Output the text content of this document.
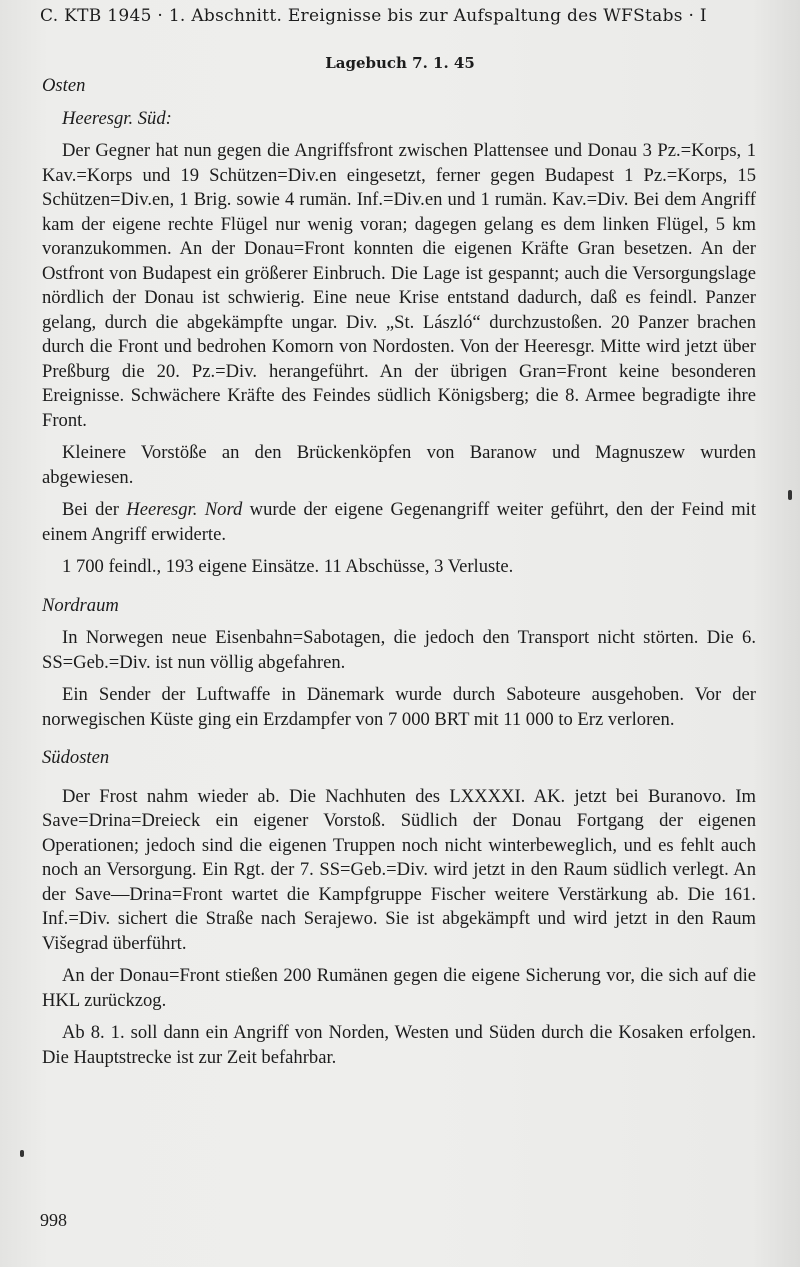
C. KTB 1945 · 1. Abschnitt. Ereignisse bis zur Aufspaltung des WFStabs · I
Lagebuch 7. 1. 45

Osten

Heeresgr. Süd:

Der Gegner hat nun gegen die Angriffsfront zwischen Plattensee und Donau 3 Pz.=Korps, 1 Kav.=Korps und 19 Schützen=Div.en eingesetzt, ferner gegen Budapest 1 Pz.=Korps, 15 Schützen=Div.en, 1 Brig. sowie 4 rumän. Inf.=Div.en und 1 rumän. Kav.=Div. Bei dem Angriff kam der eigene rechte Flügel nur wenig voran; dagegen gelang es dem linken Flügel, 5 km voranzukommen. An der Donau=Front konnten die eigenen Kräfte Gran besetzen. An der Ostfront von Budapest ein größerer Einbruch. Die Lage ist gespannt; auch die Versorgungslage nördlich der Donau ist schwierig. Eine neue Krise entstand dadurch, daß es feindl. Panzer gelang, durch die abgekämpfte ungar. Div. „St. László“ durchzustoßen. 20 Panzer brachen durch die Front und bedrohen Komorn von Nordosten. Von der Heeresgr. Mitte wird jetzt über Preßburg die 20. Pz.=Div. herangeführt. An der übrigen Gran=Front keine besonderen Ereignisse. Schwächere Kräfte des Feindes südlich Königsberg; die 8. Armee begradigte ihre Front.

Kleinere Vorstöße an den Brückenköpfen von Baranow und Magnuszew wurden abgewiesen.

Bei der Heeresgr. Nord wurde der eigene Gegenangriff weiter geführt, den der Feind mit einem Angriff erwiderte.

1 700 feindl., 193 eigene Einsätze. 11 Abschüsse, 3 Verluste.

Nordraum

In Norwegen neue Eisenbahn=Sabotagen, die jedoch den Transport nicht störten. Die 6. SS=Geb.=Div. ist nun völlig abgefahren.

Ein Sender der Luftwaffe in Dänemark wurde durch Saboteure ausgehoben. Vor der norwegischen Küste ging ein Erzdampfer von 7 000 BRT mit 11 000 to Erz verloren.

Südosten

Der Frost nahm wieder ab. Die Nachhuten des LXXXXI. AK. jetzt bei Buranovo. Im Save=Drina=Dreieck ein eigener Vorstoß. Südlich der Donau Fortgang der eigenen Operationen; jedoch sind die eigenen Truppen noch nicht winterbeweglich, und es fehlt auch noch an Versorgung. Ein Rgt. der 7. SS=Geb.=Div. wird jetzt in den Raum südlich verlegt. An der Save—Drina=Front wartet die Kampfgruppe Fischer weitere Verstärkung ab. Die 161. Inf.=Div. sichert die Straße nach Serajewo. Sie ist abgekämpft und wird jetzt in den Raum Višegrad überführt.

An der Donau=Front stießen 200 Rumänen gegen die eigene Sicherung vor, die sich auf die HKL zurückzog.

Ab 8. 1. soll dann ein Angriff von Norden, Westen und Süden durch die Kosaken erfolgen. Die Hauptstrecke ist zur Zeit befahrbar.

998
